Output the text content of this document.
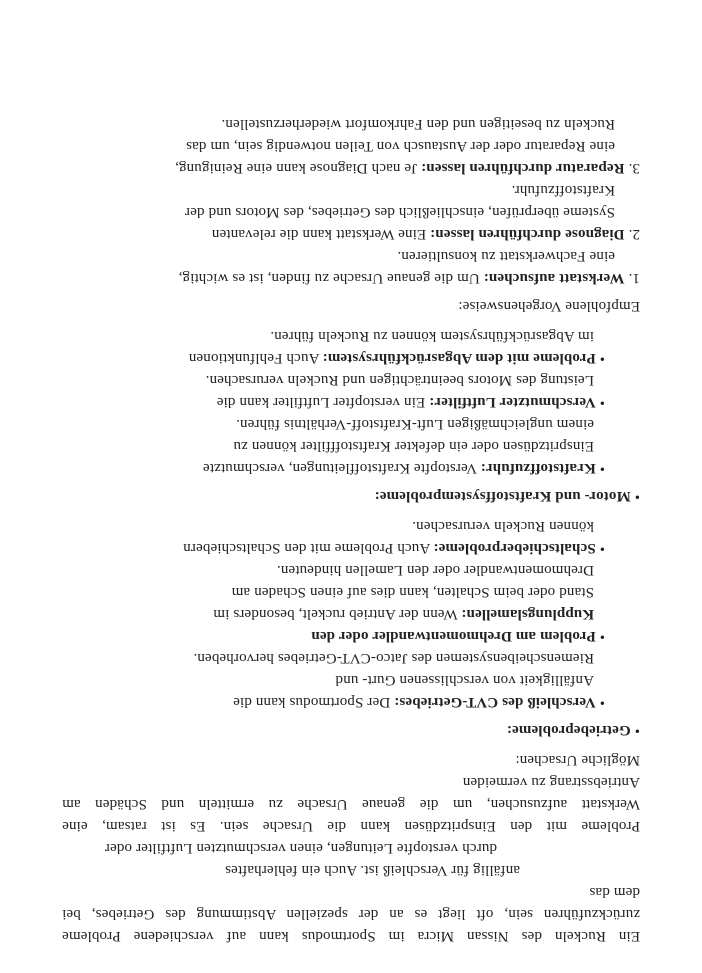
Ein Ruckeln des Nissan Micra im Sportmodus kann auf verschiedene Probleme
zurückzuführen sein, oft liegt es an der speziellen Abstimmung des Getriebes, bei
dem das
anfällig für Verschleiß ist. Auch ein fehlerhaftes
durch verstopfte Leitungen, einen verschmutzten Luftfilter oder
Probleme mit den Einspritzdüsen kann die Ursache sein. Es ist ratsam, eine
Werkstatt aufzusuchen, um die genaue Ursache zu ermitteln und Schäden am
Antriebsstrang zu vermeiden
Mögliche Ursachen:
• Getriebeprobleme:
• Verschleiß des CVT-Getriebes: Der Sportmodus kann die
Anfälligkeit von verschlissenen Gurt- und
Riemenscheibensystemen des Jatco-CVT-Getriebes hervorheben.
• Problem am Drehmomentwandler oder den
Kupplungslamellen: Wenn der Antrieb ruckelt, besonders im
Stand oder beim Schalten, kann dies auf einen Schaden am
Drehmomentwandler oder den Lamellen hindeuten.
• Schaltschieberprobleme: Auch Probleme mit den Schaltschiebern
können Ruckeln verursachen.
• Motor- und Kraftstoffsystemprobleme:
• Kraftstoffzufuhr: Verstopfte Kraftstoffleitungen, verschmutzte
Einspritzdüsen oder ein defekter Kraftstofffilter können zu
einem ungleichmäßigen Luft-Kraftstoff-Verhältnis führen.
• Verschmutzter Luftfilter: Ein verstopfter Luftfilter kann die
Leistung des Motors beeinträchtigen und Ruckeln verursachen.
• Probleme mit dem Abgasrückführsystem: Auch Fehlfunktionen
im Abgasrückführsystem können zu Ruckeln führen.
Empfohlene Vorgehensweise:
1. Werkstatt aufsuchen: Um die genaue Ursache zu finden, ist es wichtig,
eine Fachwerkstatt zu konsultieren.
2. Diagnose durchführen lassen: Eine Werkstatt kann die relevanten
Systeme überprüfen, einschließlich des Getriebes, des Motors und der
Kraftstoffzufuhr.
3. Reparatur durchführen lassen: Je nach Diagnose kann eine Reinigung,
eine Reparatur oder der Austausch von Teilen notwendig sein, um das
Ruckeln zu beseitigen und den Fahrkomfort wiederherzustellen.
